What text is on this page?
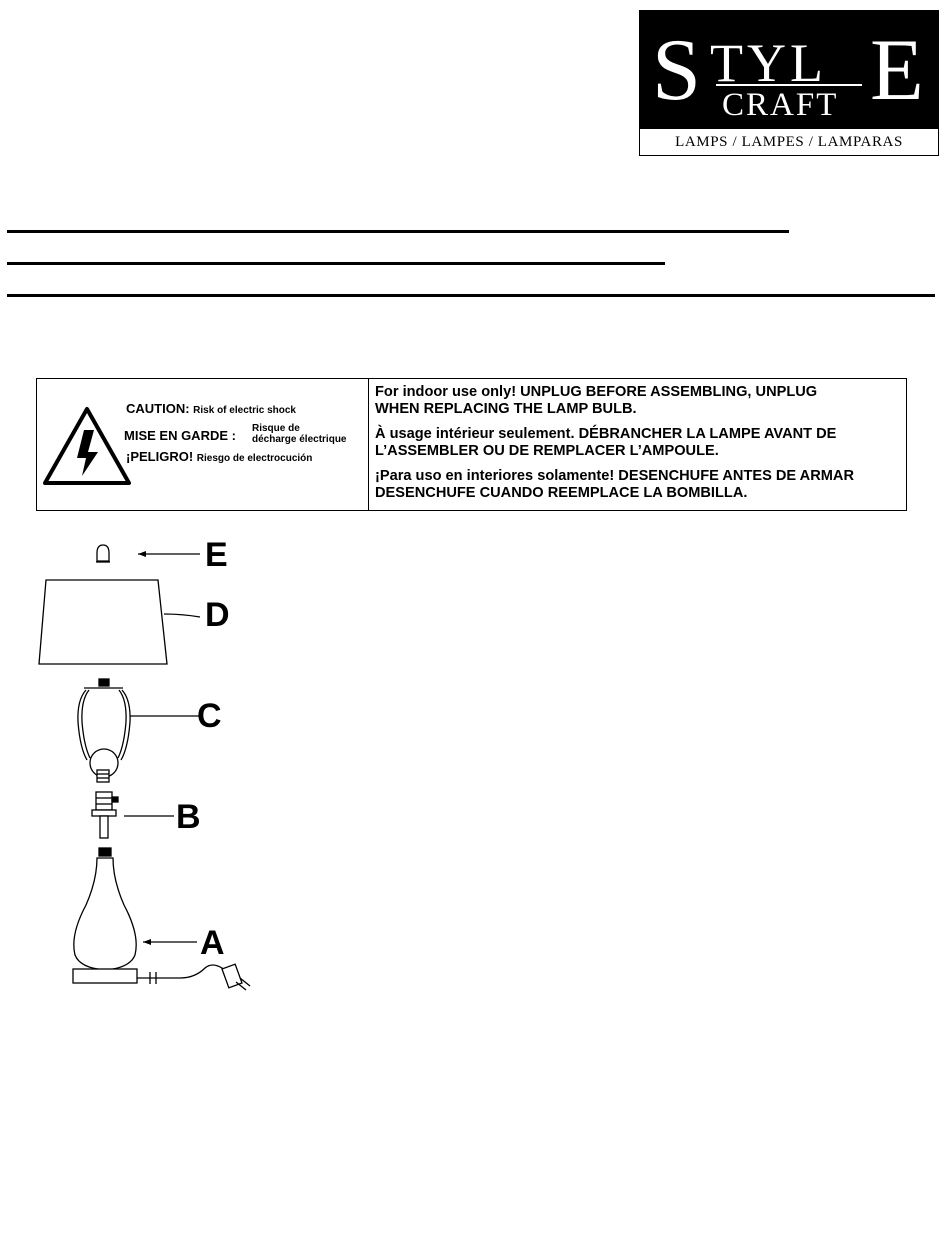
S TYL E
CRAFT
LAMPS / LAMPES / LAMPARAS
CAUTION: Risk of electric shock
MISE EN GARDE : Risque de
décharge électrique
¡PELIGRO! Riesgo de electrocución
For indoor use only! UNPLUG BEFORE ASSEMBLING, UNPLUG
WHEN REPLACING THE LAMP BULB.
À usage intérieur seulement. DÉBRANCHER LA LAMPE AVANT DE
L’ASSEMBLER OU DE REMPLACER L’AMPOULE.
¡Para uso en interiores solamente! DESENCHUFE ANTES DE ARMAR
DESENCHUFE CUANDO REEMPLACE LA BOMBILLA.
E
D
C
B
A
